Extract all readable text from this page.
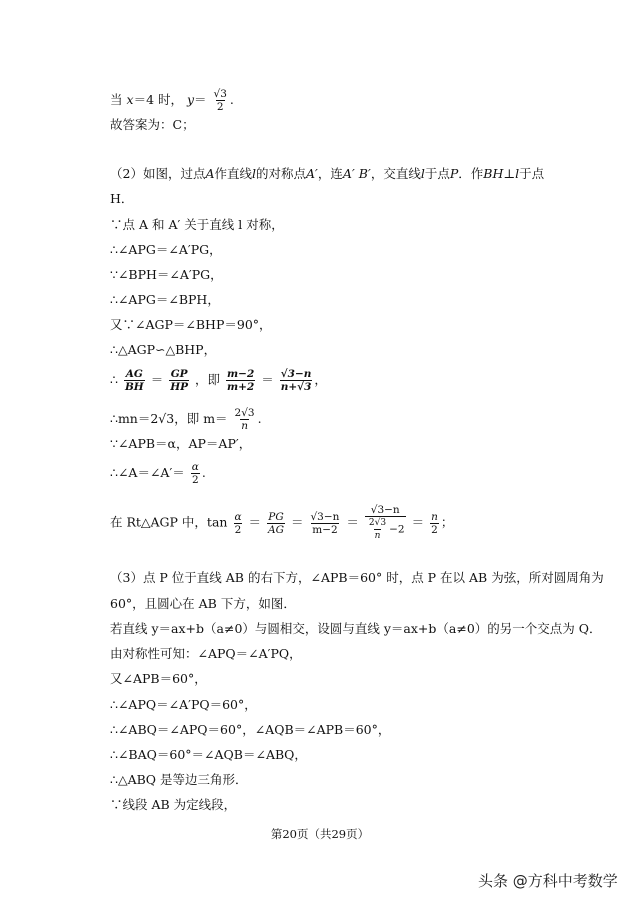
当 x＝4 时， $y= \frac{√3}{2}$ .
故答案为：C；
（2）如图，过点A作直线l的对称点A′，连A′ B′，交直线l于点P．作BH⊥l于点
H．
∵点 A 和 A′ 关于直线 l 对称，
∴∠APG＝∠A′PG，
∵∠BPH＝∠A′PG，
∴∠APG＝∠BPH，
又∵∠AGP＝∠BHP＝90°，
∴△AGP∽△BHP，
∴ $\frac{AG}{BH} = \frac{GP}{HP}$ ，即 $\frac{m-2}{m+2} = \frac{√3-n}{n+√3}$ ，
∴mn＝2√3，即 $m= \frac{2√3}{n}$ .
∵∠APB＝α，AP＝AP′，
∴∠A＝∠A′＝ $\frac{\alpha}{2}$ .
在 Rt△AGP 中，$\tan \frac{\alpha}{2} = \frac{PG}{AG} = \frac{√3-n}{m-2} = \frac{√3-n}{\frac{2√3}{n} -2} = \frac{n}{2}$ ；
（3）点 P 位于直线 AB 的右下方，∠APB＝60° 时，点 P 在以 AB 为弦，所对圆周角为
60°，且圆心在 AB 下方，如图．
若直线 y＝ax+b（a≠0）与圆相交，设圆与直线 y＝ax+b（a≠0）的另一个交点为 Q．
由对称性可知：∠APQ＝∠A′PQ，
又∠APB＝60°，
∴∠APQ＝∠A′PQ＝60°，
∴∠ABQ＝∠APQ＝60°，∠AQB＝∠APB＝60°，
∴∠BAQ＝60°＝∠AQB＝∠ABQ，
∴△ABQ 是等边三角形．
∵线段 AB 为定线段，
第20页（共29页）
头条 @方科中考数学
